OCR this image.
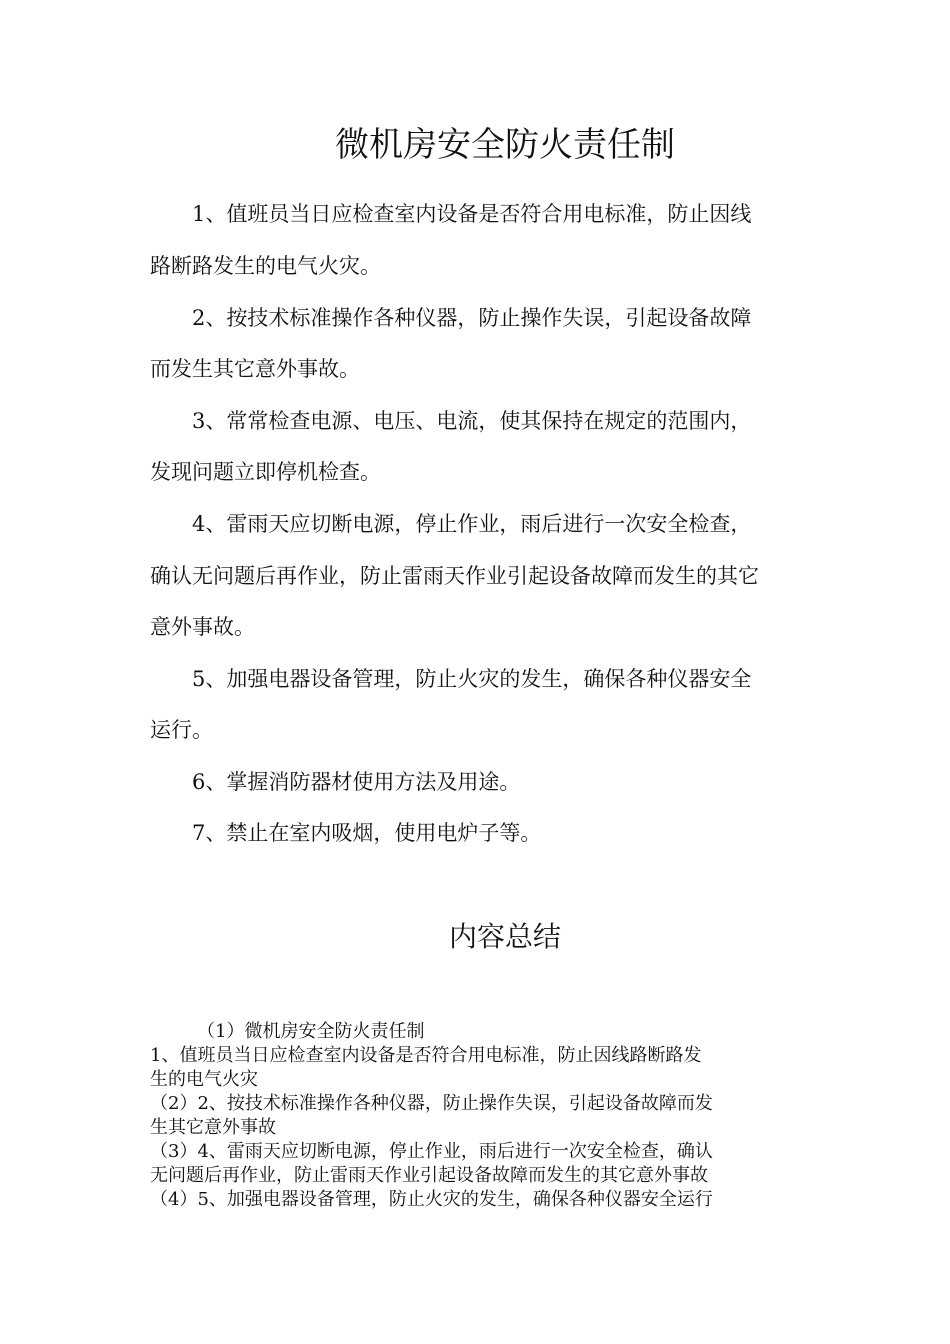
微机房安全防火责任制
1、值班员当日应检查室内设备是否符合用电标准，防止因线
路断路发生的电气火灾。
2、按技术标准操作各种仪器，防止操作失误，引起设备故障
而发生其它意外事故。
3、常常检查电源、电压、电流，使其保持在规定的范围内，
发现问题立即停机检查。
4、雷雨天应切断电源，停止作业，雨后进行一次安全检查，
确认无问题后再作业，防止雷雨天作业引起设备故障而发生的其它
意外事故。
5、加强电器设备管理，防止火灾的发生，确保各种仪器安全
运行。
6、掌握消防器材使用方法及用途。
7、禁止在室内吸烟，使用电炉子等。
内容总结
（1）微机房安全防火责任制
1、值班员当日应检查室内设备是否符合用电标准，防止因线路断路发
生的电气火灾
（2）2、按技术标准操作各种仪器，防止操作失误，引起设备故障而发
生其它意外事故
（3）4、雷雨天应切断电源，停止作业，雨后进行一次安全检查，确认
无问题后再作业，防止雷雨天作业引起设备故障而发生的其它意外事故
（4）5、加强电器设备管理，防止火灾的发生，确保各种仪器安全运行
